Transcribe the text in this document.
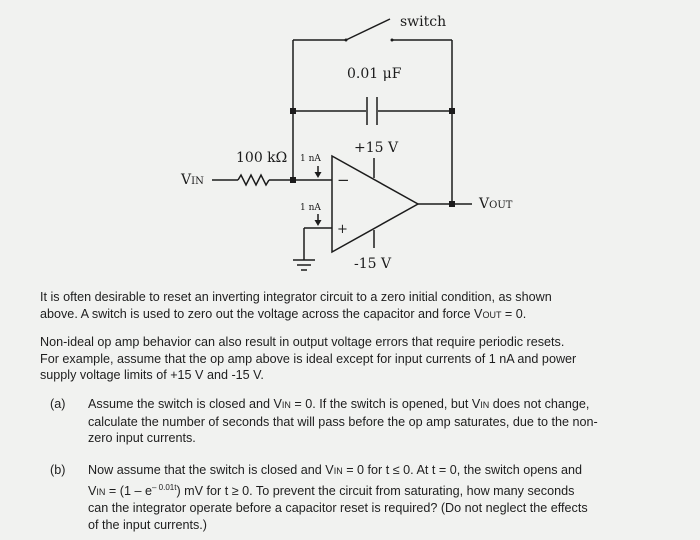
switch
0.01 μF
100 kΩ 1 nA
1 nA
+15 V
-15 V
−
+
VIN
VOUT
It is often desirable to reset an inverting integrator circuit to a zero initial condition, as shown
above. A switch is used to zero out the voltage across the capacitor and force VOUT = 0.
Non-ideal op amp behavior can also result in output voltage errors that require periodic resets.
For example, assume that the op amp above is ideal except for input currents of 1 nA and power
supply voltage limits of +15 V and -15 V.
(a)	Assume the switch is closed and VIN = 0. If the switch is opened, but VIN does not change,
calculate the number of seconds that will pass before the op amp saturates, due to the non-
zero input currents.
(b)	Now assume that the switch is closed and VIN = 0 for t ≤ 0. At t = 0, the switch opens and
VIN = $(1 - e^{- 0.01t})$ mV for t ≥ 0. To prevent the circuit from saturating, how many seconds
can the integrator operate before a capacitor reset is required? (Do not neglect the effects
of the input currents.)
